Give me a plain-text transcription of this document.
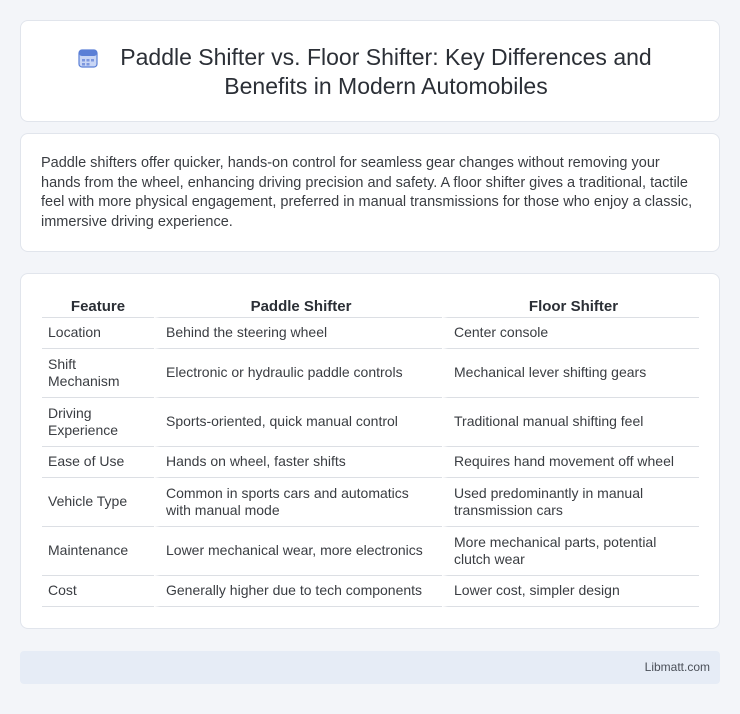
Paddle Shifter vs. Floor Shifter: Key Differences and Benefits in Modern Automobiles

Paddle shifters offer quicker, hands-on control for seamless gear changes without removing your hands from the wheel, enhancing driving precision and safety. A floor shifter gives a traditional, tactile feel with more physical engagement, preferred in manual transmissions for those who enjoy a classic, immersive driving experience.

Feature	Paddle Shifter	Floor Shifter
Location	Behind the steering wheel	Center console
Shift Mechanism	Electronic or hydraulic paddle controls	Mechanical lever shifting gears
Driving Experience	Sports-oriented, quick manual control	Traditional manual shifting feel
Ease of Use	Hands on wheel, faster shifts	Requires hand movement off wheel
Vehicle Type	Common in sports cars and automatics with manual mode	Used predominantly in manual transmission cars
Maintenance	Lower mechanical wear, more electronics	More mechanical parts, potential clutch wear
Cost	Generally higher due to tech components	Lower cost, simpler design
Libmatt.com
